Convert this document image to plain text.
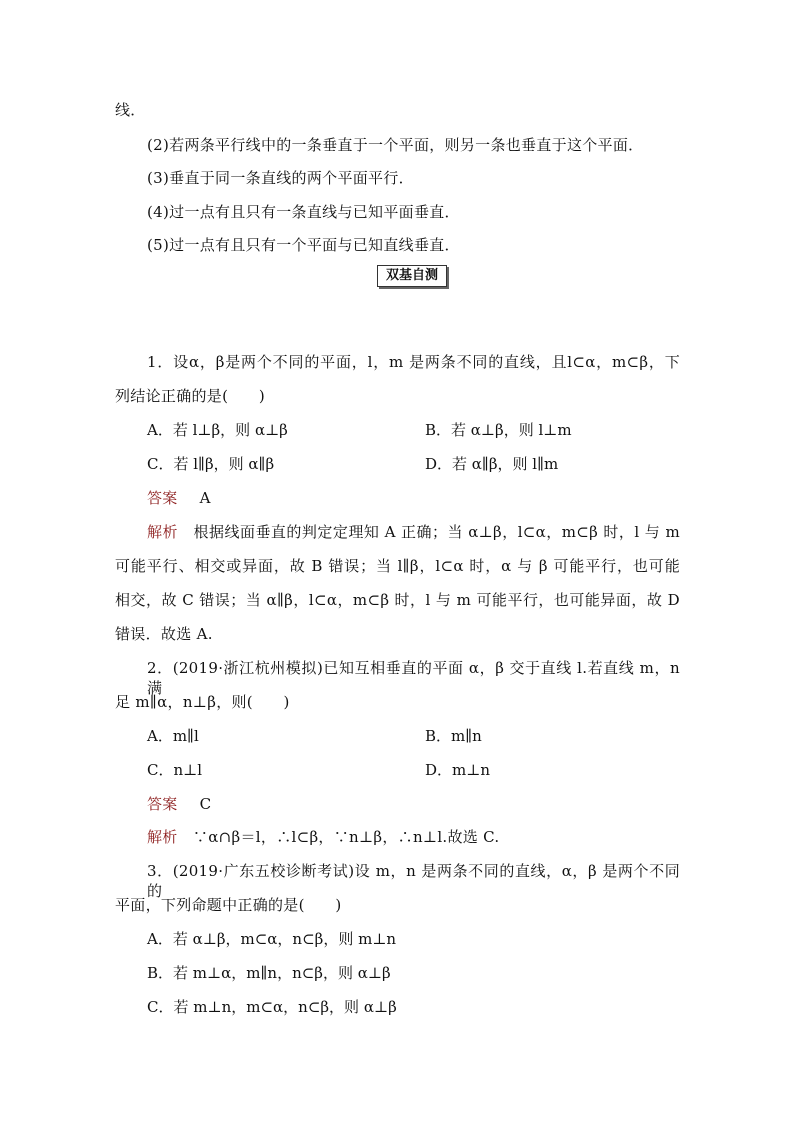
线．
(2)若两条平行线中的一条垂直于一个平面，则另一条也垂直于这个平面．
(3)垂直于同一条直线的两个平面平行．
(4)过一点有且只有一条直线与已知平面垂直．
(5)过一点有且只有一个平面与已知直线垂直．
双基自测
1．设α，β是两个不同的平面，l，m 是两条不同的直线，且l⊂α，m⊂β，下
列结论正确的是(　　)
A．若 l⊥β，则 α⊥β	B．若 α⊥β，则 l⊥m
C．若 l∥β，则 α∥β	D．若 α∥β，则 l∥m
答案 A
解析　 根据线面垂直的判定定理知 A 正确；当 α⊥β，l⊂α，m⊂β 时，l 与 m
可能平行、相交或异面，故 B 错误；当 l∥β，l⊂α 时，α 与 β 可能平行，也可能
相交，故 C 错误；当 α∥β，l⊂α，m⊂β 时，l 与 m 可能平行，也可能异面，故 D
错误．故选 A.
2．(2019·浙江杭州模拟)已知互相垂直的平面 α，β 交于直线 l.若直线 m，n 满
足 m∥α，n⊥β，则(　　)
A．m∥l	B．m∥n
C．n⊥l	D．m⊥n
答案 C
解析　 ∵α∩β＝l，∴l⊂β，∵n⊥β，∴n⊥l.故选 C.
3．(2019·广东五校诊断考试)设 m，n 是两条不同的直线，α，β 是两个不同的
平面，下列命题中正确的是(　　)
A．若 α⊥β，m⊂α，n⊂β，则 m⊥n
B．若 m⊥α，m∥n，n⊂β，则 α⊥β
C．若 m⊥n，m⊂α，n⊂β，则 α⊥β
